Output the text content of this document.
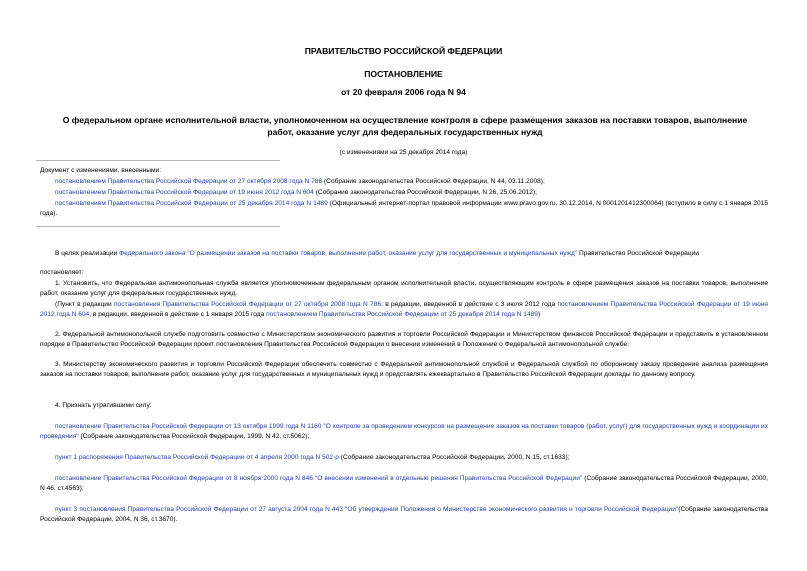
ПРАВИТЕЛЬСТВО РОССИЙСКОЙ ФЕДЕРАЦИИ
ПОСТАНОВЛЕНИЕ
от 20 февраля 2006 года N 94
О федеральном органе исполнительной власти, уполномоченном на осуществление контроля в сфере размещения заказов на поставки товаров, выполнение работ, оказание услуг для федеральных государственных нужд
(с изменениями на 25 декабря 2014 года)
Документ с изменениями, внесенными:
постановлением Правительства Российской Федерации от 27 октября 2008 года N 786 (Собрание законодательства Российской Федерации, N 44, 03.11.2008);
постановлением Правительства Российской Федерации от 19 июня 2012 года N 604 (Собрание законодательства Российской Федерации, N 26, 25.06.2012);
постановлением Правительства Российской Федерации от 25 декабря 2014 года N 1489 (Официальный интернет-портал правовой информации www.pravo.gov.ru, 30.12.2014, N 0001201412300064) (вступило в силу с 1 января 2015 года).
В целях реализации Федерального закона "О размещении заказов на поставки товаров, выполнение работ, оказание услуг для государственных и муниципальных нужд" Правительство Российской Федерации
постановляет:
1. Установить, что Федеральная антимонопольная служба является уполномоченным федеральным органом исполнительной власти, осуществляющим контроль в сфере размещения заказов на поставки товаров, выполнение работ, оказание услуг для федеральных государственных нужд.
(Пункт в редакции постановления Правительства Российской Федерации от 27 октября 2008 года N 786; в редакции, введенной в действие с 3 июля 2012 года постановлением Правительства Российской Федерации от 19 июня 2012 года N 604; в редакции, введенной в действие с 1 января 2015 года постановлением Правительства Российской Федерации от 25 декабря 2014 года N 1489)
2. Федеральной антимонопольной службе подготовить совместно с Министерством экономического развития и торговли Российской Федерации и Министерством финансов Российской Федерации и представить в установленном порядке в Правительство Российской Федерации проект постановления Правительства Российской Федерации о внесении изменений в Положение о Федеральной антимонопольной службе.
3. Министерству экономического развития и торговли Российской Федерации обеспечить совместно с Федеральной антимонопольной службой и Федеральной службой по оборонному заказу проведение анализа размещения заказов на поставки товаров, выполнение работ, оказание услуг для государственных и муниципальных нужд и представлять ежеквартально в Правительство Российской Федерации доклады по данному вопросу.
4. Признать утратившими силу:
постановление Правительства Российской Федерации от 13 октября 1999 года N 1160 "О контроле за проведением конкурсов на размещение заказов на поставки товаров (работ, услуг) для государственных нужд и координации их проведения" (Собрание законодательства Российской Федерации, 1999, N 42, ст.5062);
пункт 1 распоряжения Правительства Российской Федерации от 4 апреля 2000 года N 502-р (Собрание законодательства Российской Федерации, 2000, N 15, ст.1633);
постановление Правительства Российской Федерации от 8 ноября 2000 года N 846 "О внесении изменений в отдельные решения Правительства Российской Федерации" (Собрание законодательства Российской Федерации, 2000, N 46, ст.4563);
пункт 3 постановления Правительства Российской Федерации от 27 августа 2004 года N 443 "Об утверждении Положения о Министерстве экономического развития и торговли Российской Федерации"(Собрание законодательства Российской Федерации, 2004, N 36, ст.3670).
